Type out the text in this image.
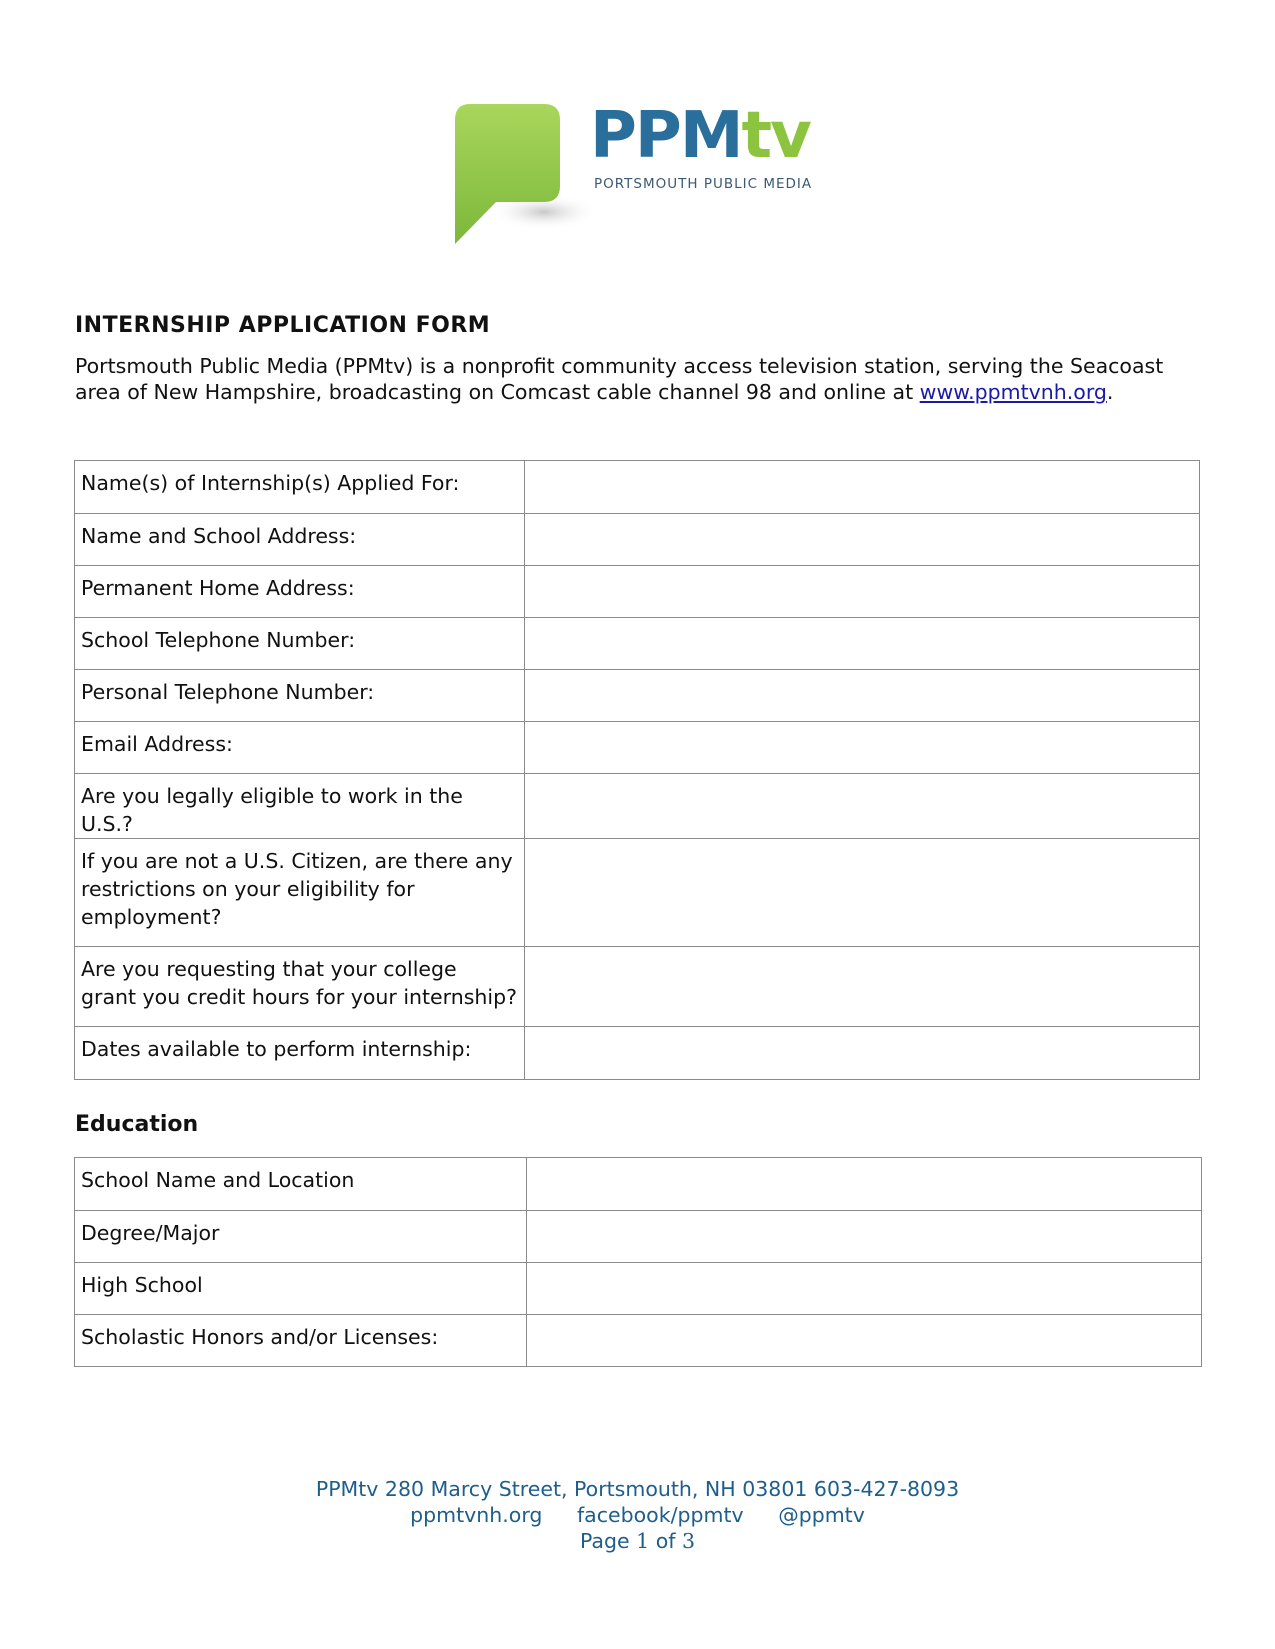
PPMtv
PORTSMOUTH PUBLIC MEDIA
INTERNSHIP APPLICATION FORM

Portsmouth Public Media (PPMtv) is a nonprofit community access television station, serving the Seacoast area of New Hampshire, broadcasting on Comcast cable channel 98 and online at www.ppmtvnh.org.

Name(s) of Internship(s) Applied For:	

Name and School Address:	

Permanent Home Address:	

School Telephone Number:	

Personal Telephone Number:	

Email Address:	

Are you legally eligible to work in the U.S.?	

If you are not a U.S. Citizen, are there any restrictions on your eligibility for employment?	

Are you requesting that your college grant you credit hours for your internship?	

Dates available to perform internship:	
Education
School Name and Location	

Degree/Major	

High School	

Scholastic Honors and/or Licenses:	
PPMtv 280 Marcy Street, Portsmouth, NH 03801 603-427-8093
ppmtvnh.org facebook/ppmtv @ppmtv
Page 1 of 3
